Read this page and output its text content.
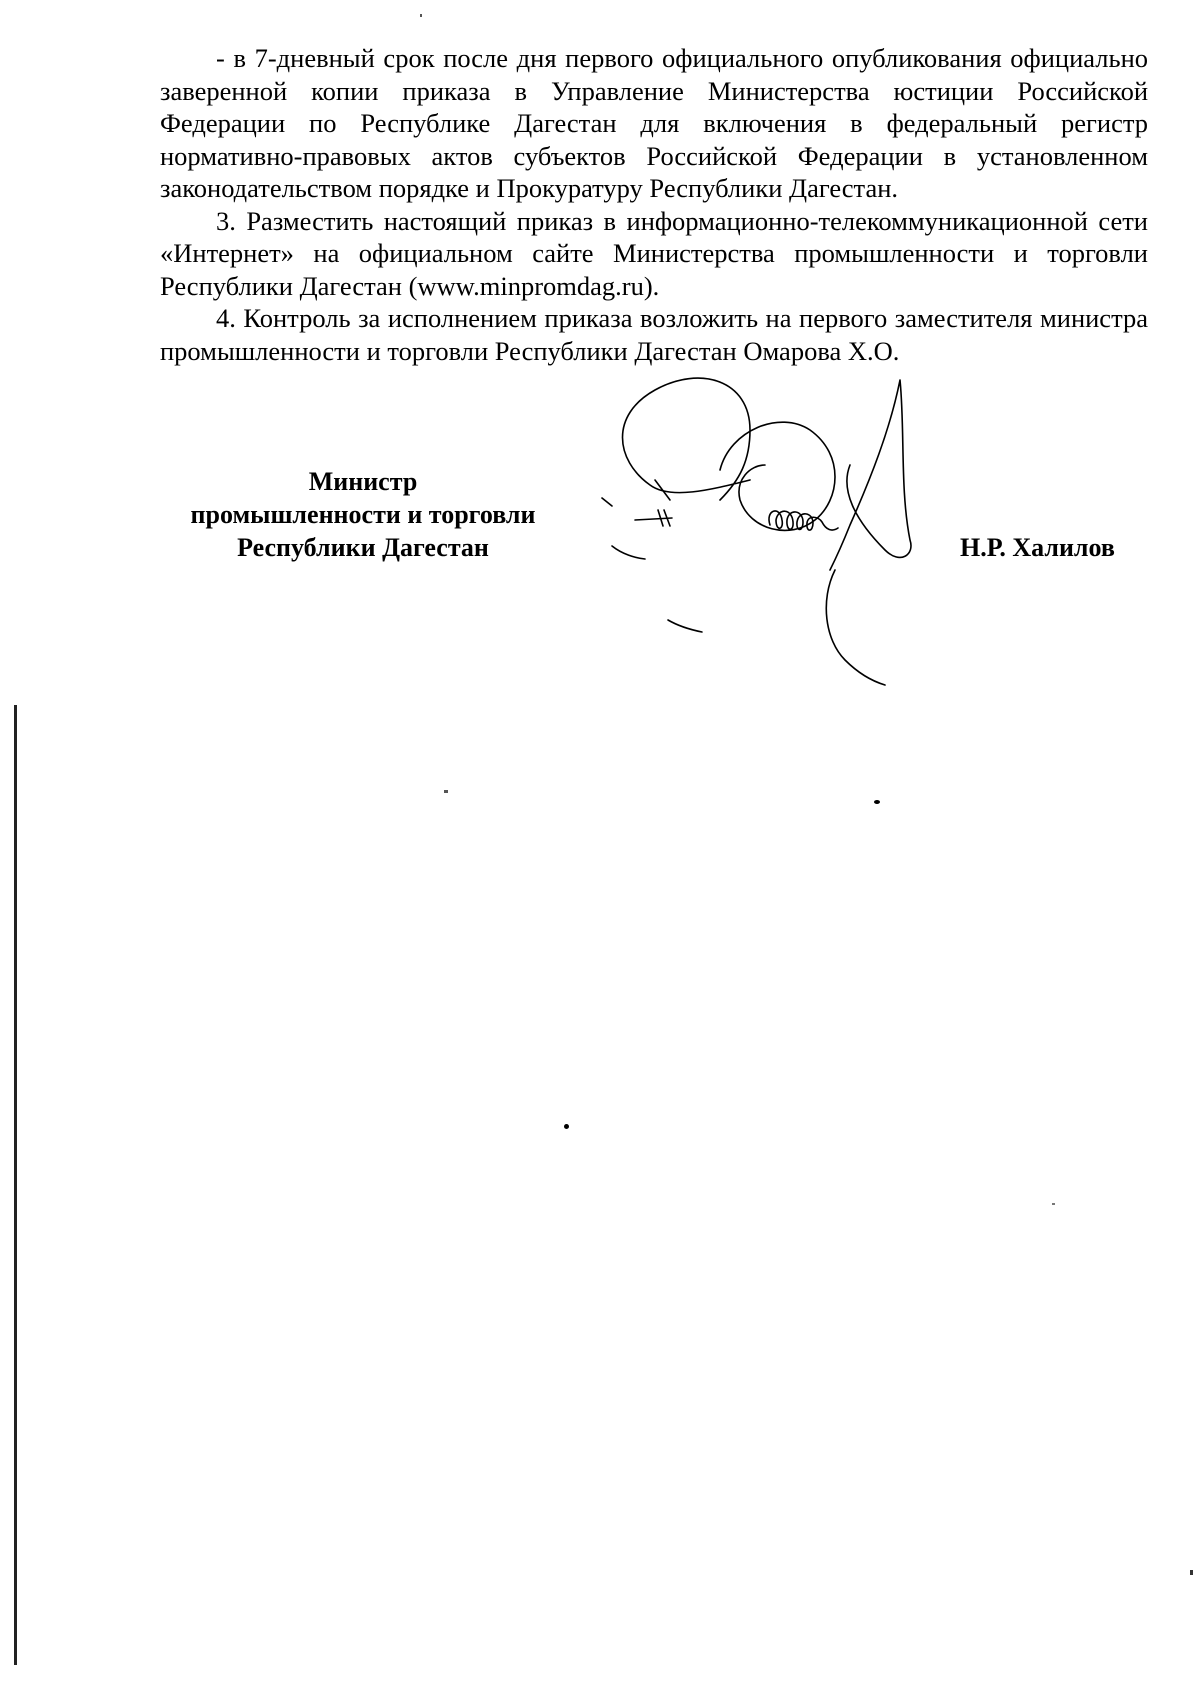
- в 7-дневный срок после дня первого официального опубликования официально заверенной копии приказа в Управление Министерства юстиции Российской Федерации по Республике Дагестан для включения в федеральный регистр нормативно-правовых актов субъектов Российской Федерации в установленном законодательством порядке и Прокуратуру Республики Дагестан.

3. Разместить настоящий приказ в информационно-телекоммуникационной сети «Интернет» на официальном сайте Министерства промышленности и торговли Республики Дагестан (www.minpromdag.ru).

4. Контроль за исполнением приказа возложить на первого заместителя министра промышленности и торговли Республики Дагестан Омарова Х.О.

Министр
промышленности и торговли
Республики Дагестан	Н.Р. Халилов
